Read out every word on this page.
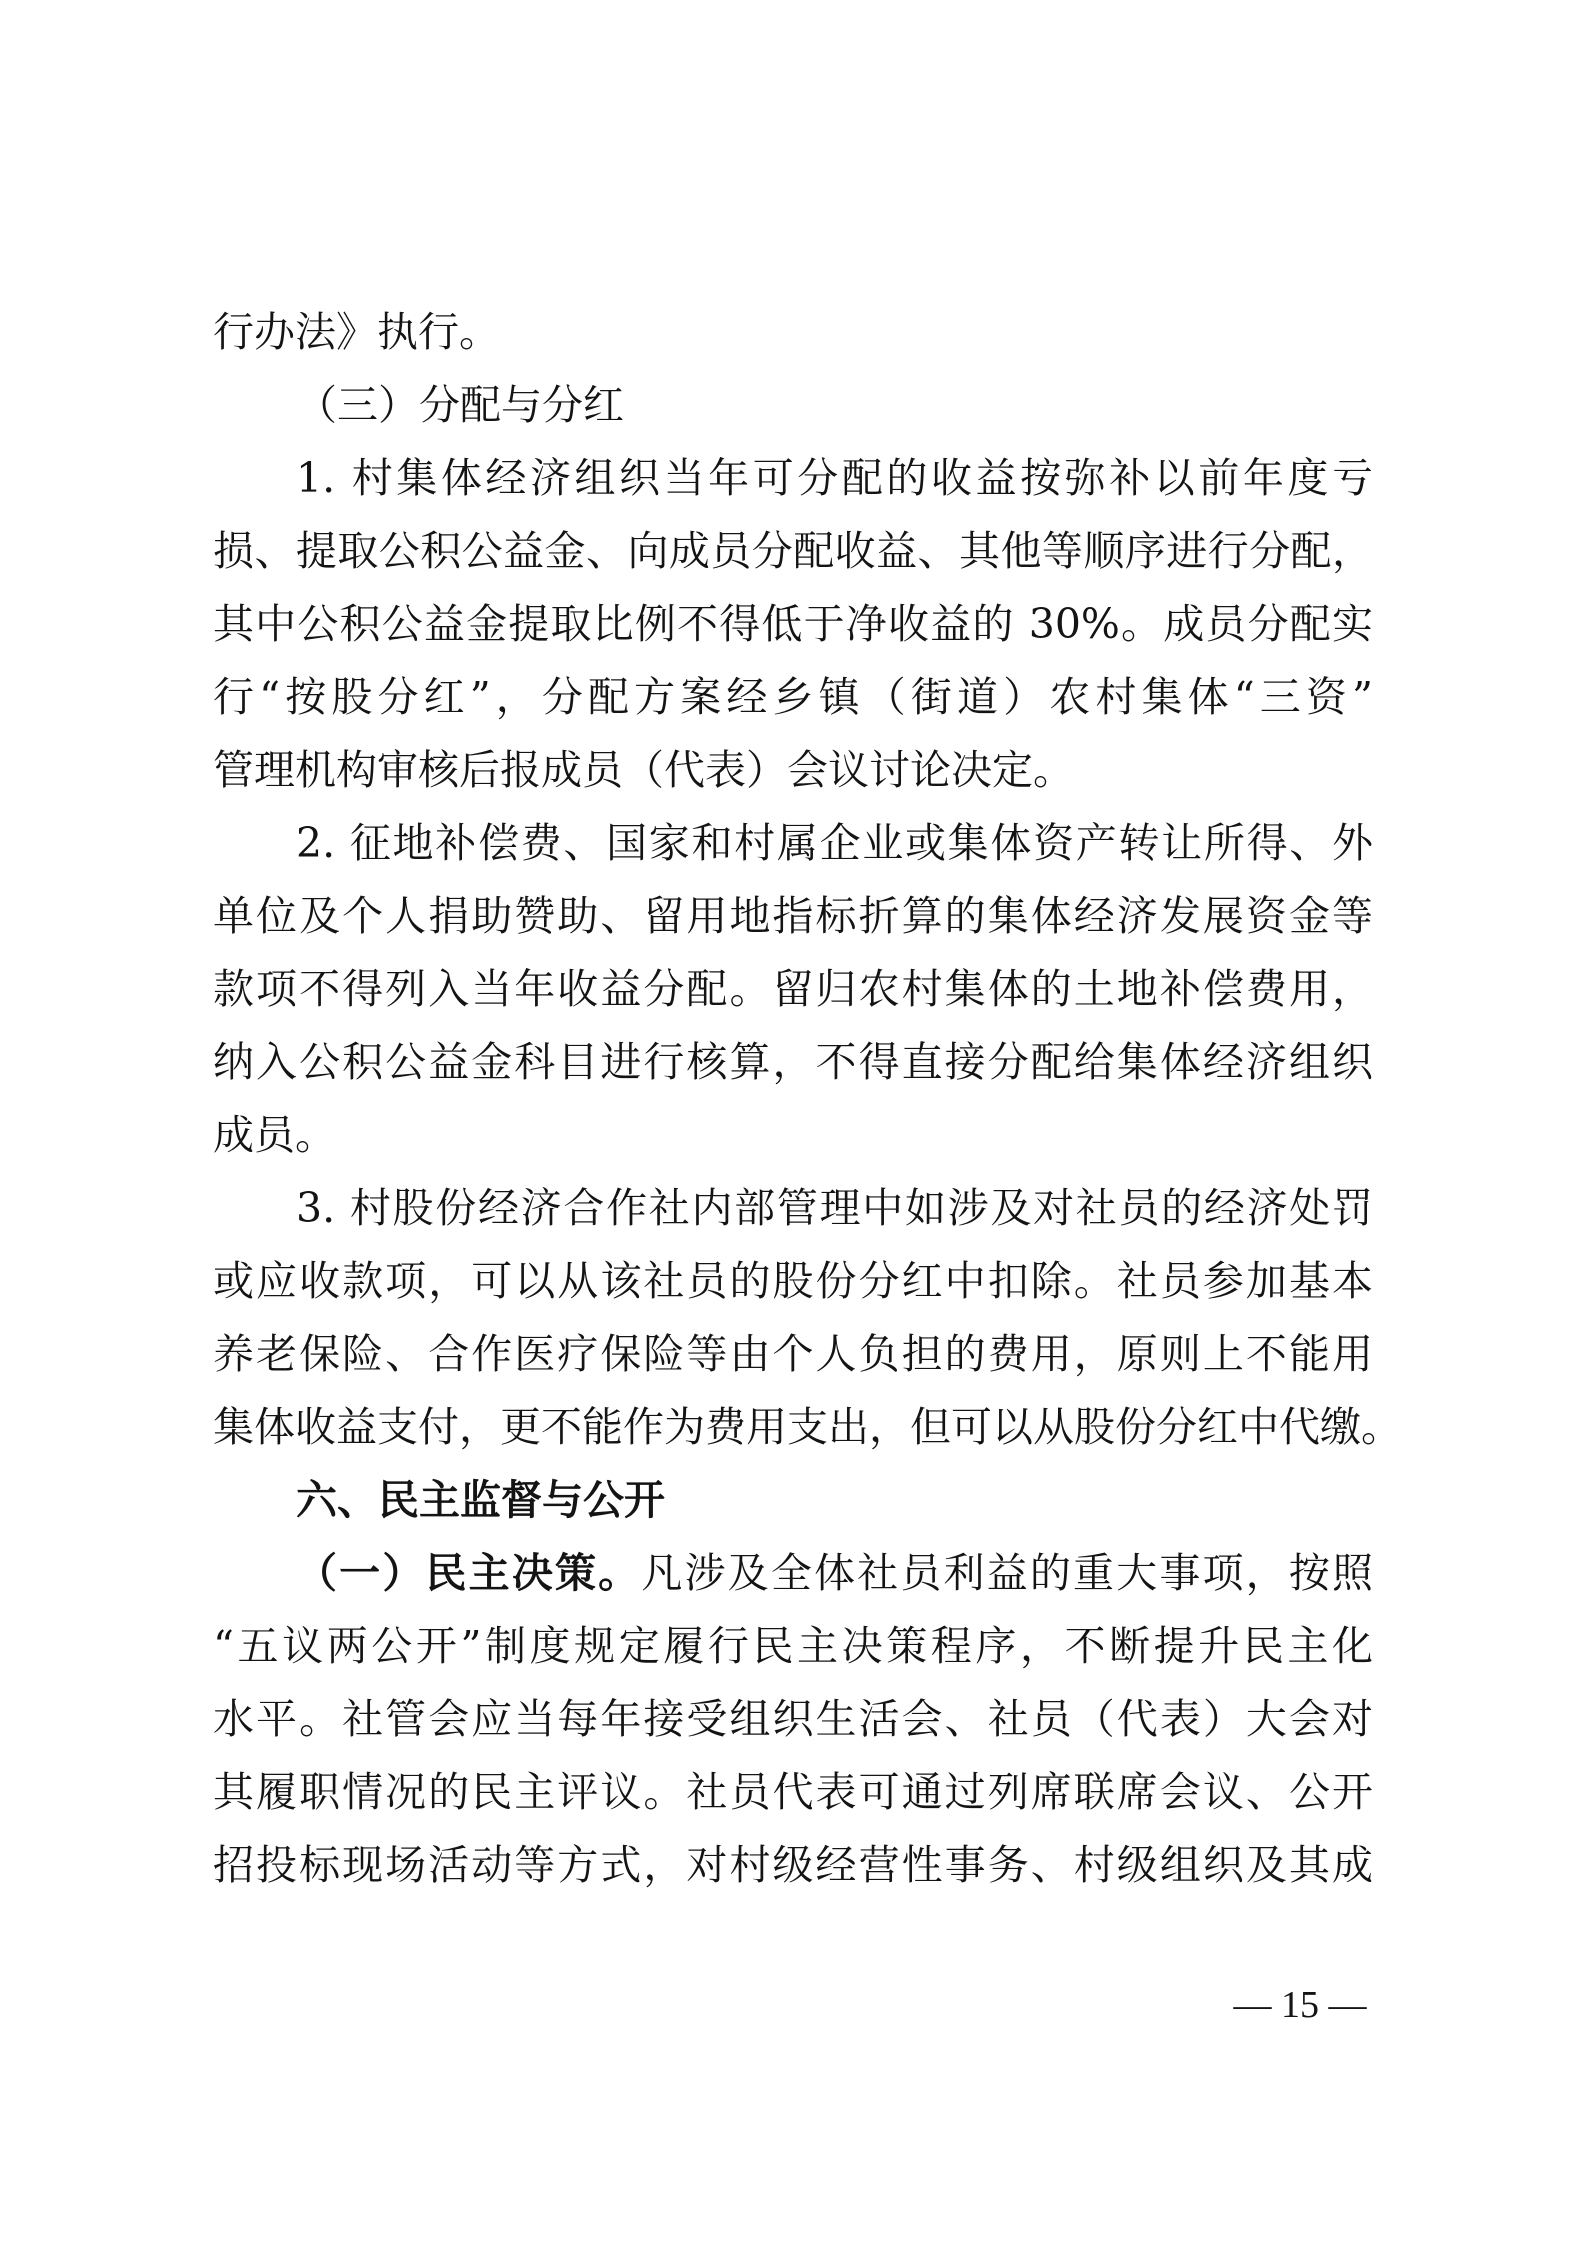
行办法》执行。
（三）分配与分红
1. 村集体经济组织当年可分配的收益按弥补以前年度亏
损、提取公积公益金、向成员分配收益、其他等顺序进行分配，
其中公积公益金提取比例不得低于净收益的 30%。成员分配实
行“按股分红”，分配方案经乡镇（街道）农村集体“三资”
管理机构审核后报成员（代表）会议讨论决定。
2. 征地补偿费、国家和村属企业或集体资产转让所得、外
单位及个人捐助赞助、留用地指标折算的集体经济发展资金等
款项不得列入当年收益分配。留归农村集体的土地补偿费用，
纳入公积公益金科目进行核算，不得直接分配给集体经济组织
成员。
3. 村股份经济合作社内部管理中如涉及对社员的经济处罚
或应收款项，可以从该社员的股份分红中扣除。社员参加基本
养老保险、合作医疗保险等由个人负担的费用，原则上不能用
集体收益支付，更不能作为费用支出，但可以从股份分红中代缴。
六、民主监督与公开
（一）民主决策。凡涉及全体社员利益的重大事项，按照
“五议两公开”制度规定履行民主决策程序，不断提升民主化
水平。社管会应当每年接受组织生活会、社员（代表）大会对
其履职情况的民主评议。社员代表可通过列席联席会议、公开
招投标现场活动等方式，对村级经营性事务、村级组织及其成
— 15 —
